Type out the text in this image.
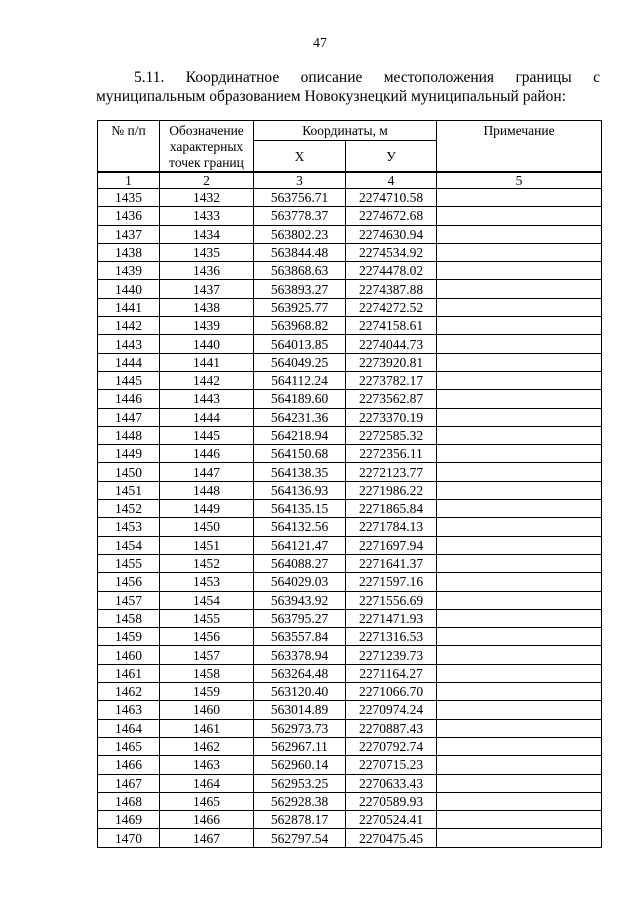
47
5.11. Координатное описание местоположения границы с
муниципальным образованием Новокузнецкий муниципальный район:
№ п/п	Обозначение характерных точек границ	Координаты, м		Примечание
		X	У	
1	2	3	4	5
1435	1432	563756.71	2274710.58	
1436	1433	563778.37	2274672.68	
1437	1434	563802.23	2274630.94	
1438	1435	563844.48	2274534.92	
1439	1436	563868.63	2274478.02	
1440	1437	563893.27	2274387.88	
1441	1438	563925.77	2274272.52	
1442	1439	563968.82	2274158.61	
1443	1440	564013.85	2274044.73	
1444	1441	564049.25	2273920.81	
1445	1442	564112.24	2273782.17	
1446	1443	564189.60	2273562.87	
1447	1444	564231.36	2273370.19	
1448	1445	564218.94	2272585.32	
1449	1446	564150.68	2272356.11	
1450	1447	564138.35	2272123.77	
1451	1448	564136.93	2271986.22	
1452	1449	564135.15	2271865.84	
1453	1450	564132.56	2271784.13	
1454	1451	564121.47	2271697.94	
1455	1452	564088.27	2271641.37	
1456	1453	564029.03	2271597.16	
1457	1454	563943.92	2271556.69	
1458	1455	563795.27	2271471.93	
1459	1456	563557.84	2271316.53	
1460	1457	563378.94	2271239.73	
1461	1458	563264.48	2271164.27	
1462	1459	563120.40	2271066.70	
1463	1460	563014.89	2270974.24	
1464	1461	562973.73	2270887.43	
1465	1462	562967.11	2270792.74	
1466	1463	562960.14	2270715.23	
1467	1464	562953.25	2270633.43	
1468	1465	562928.38	2270589.93	
1469	1466	562878.17	2270524.41	
1470	1467	562797.54	2270475.45	
